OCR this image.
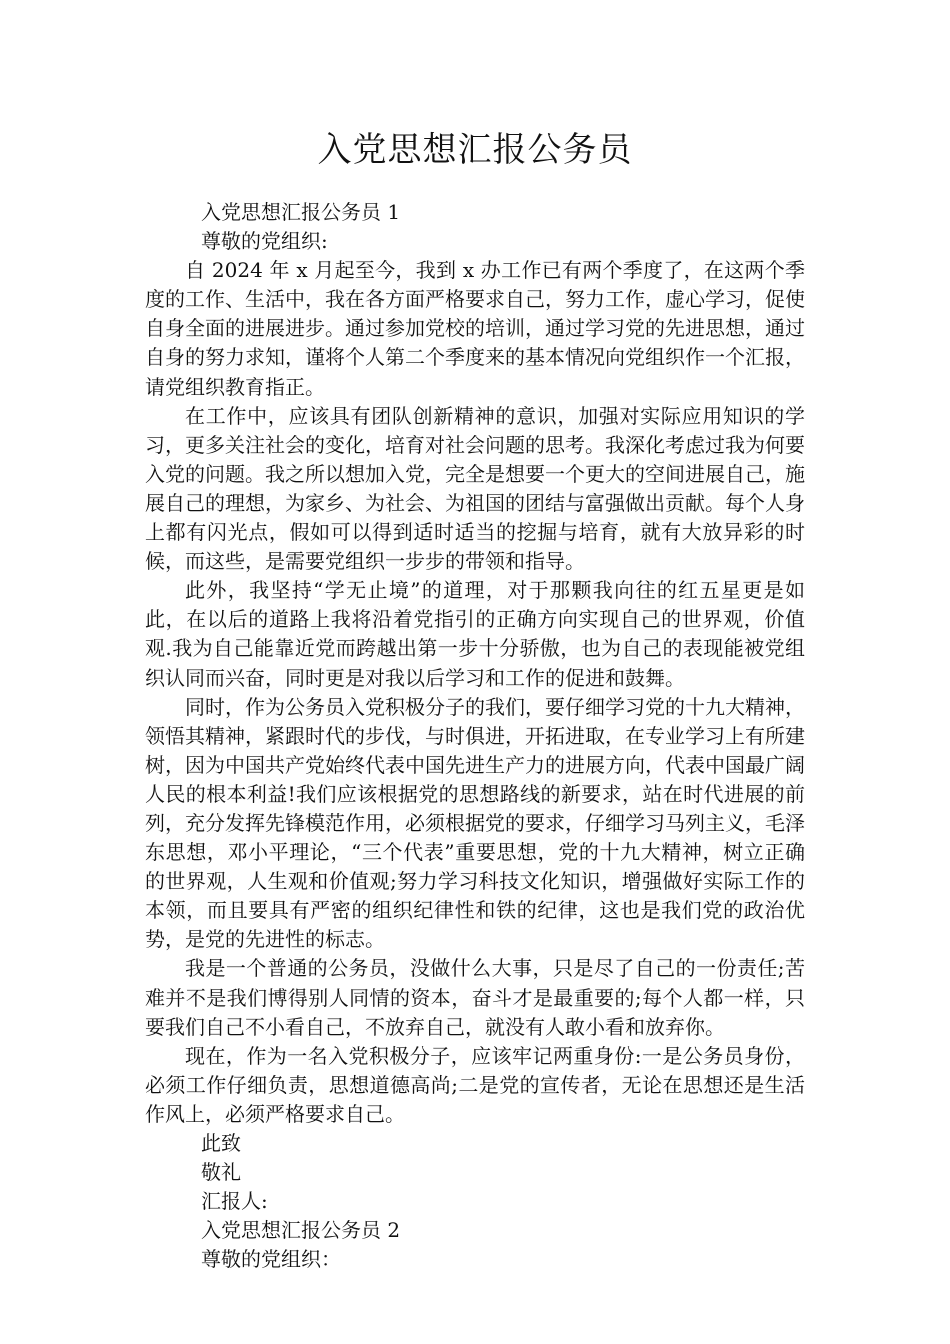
入党思想汇报公务员

入党思想汇报公务员 1

尊敬的党组织:

自 2024 年 x 月起至今，我到 x 办工作已有两个季度了，在这两个季度的工作、生活中，我在各方面严格要求自己，努力工作，虚心学习，促使自身全面的进展进步。通过参加党校的培训，通过学习党的先进思想，通过自身的努力求知，谨将个人第二个季度来的基本情况向党组织作一个汇报，请党组织教育指正。

在工作中，应该具有团队创新精神的意识，加强对实际应用知识的学习，更多关注社会的变化，培育对社会问题的思考。我深化考虑过我为何要入党的问题。我之所以想加入党，完全是想要一个更大的空间进展自己，施展自己的理想，为家乡、为社会、为祖国的团结与富强做出贡献。每个人身上都有闪光点，假如可以得到适时适当的挖掘与培育，就有大放异彩的时候，而这些，是需要党组织一步步的带领和指导。

此外，我坚持“学无止境”的道理，对于那颗我向往的红五星更是如此，在以后的道路上我将沿着党指引的正确方向实现自己的世界观，价值观.我为自己能靠近党而跨越出第一步十分骄傲，也为自己的表现能被党组织认同而兴奋，同时更是对我以后学习和工作的促进和鼓舞。

同时，作为公务员入党积极分子的我们，要仔细学习党的十九大精神，领悟其精神，紧跟时代的步伐，与时俱进，开拓进取，在专业学习上有所建树，因为中国共产党始终代表中国先进生产力的进展方向，代表中国最广阔人民的根本利益!我们应该根据党的思想路线的新要求，站在时代进展的前列，充分发挥先锋模范作用，必须根据党的要求，仔细学习马列主义，毛泽东思想，邓小平理论，“三个代表”重要思想，党的十九大精神，树立正确的世界观，人生观和价值观;努力学习科技文化知识，增强做好实际工作的本领，而且要具有严密的组织纪律性和铁的纪律，这也是我们党的政治优势，是党的先进性的标志。

我是一个普通的公务员，没做什么大事，只是尽了自己的一份责任;苦难并不是我们博得别人同情的资本，奋斗才是最重要的;每个人都一样，只要我们自己不小看自己，不放弃自己，就没有人敢小看和放弃你。

现在，作为一名入党积极分子，应该牢记两重身份:一是公务员身份，必须工作仔细负责，思想道德高尚;二是党的宣传者，无论在思想还是生活作风上，必须严格要求自己。

此致

敬礼

汇报人:

入党思想汇报公务员 2

尊敬的党组织：
